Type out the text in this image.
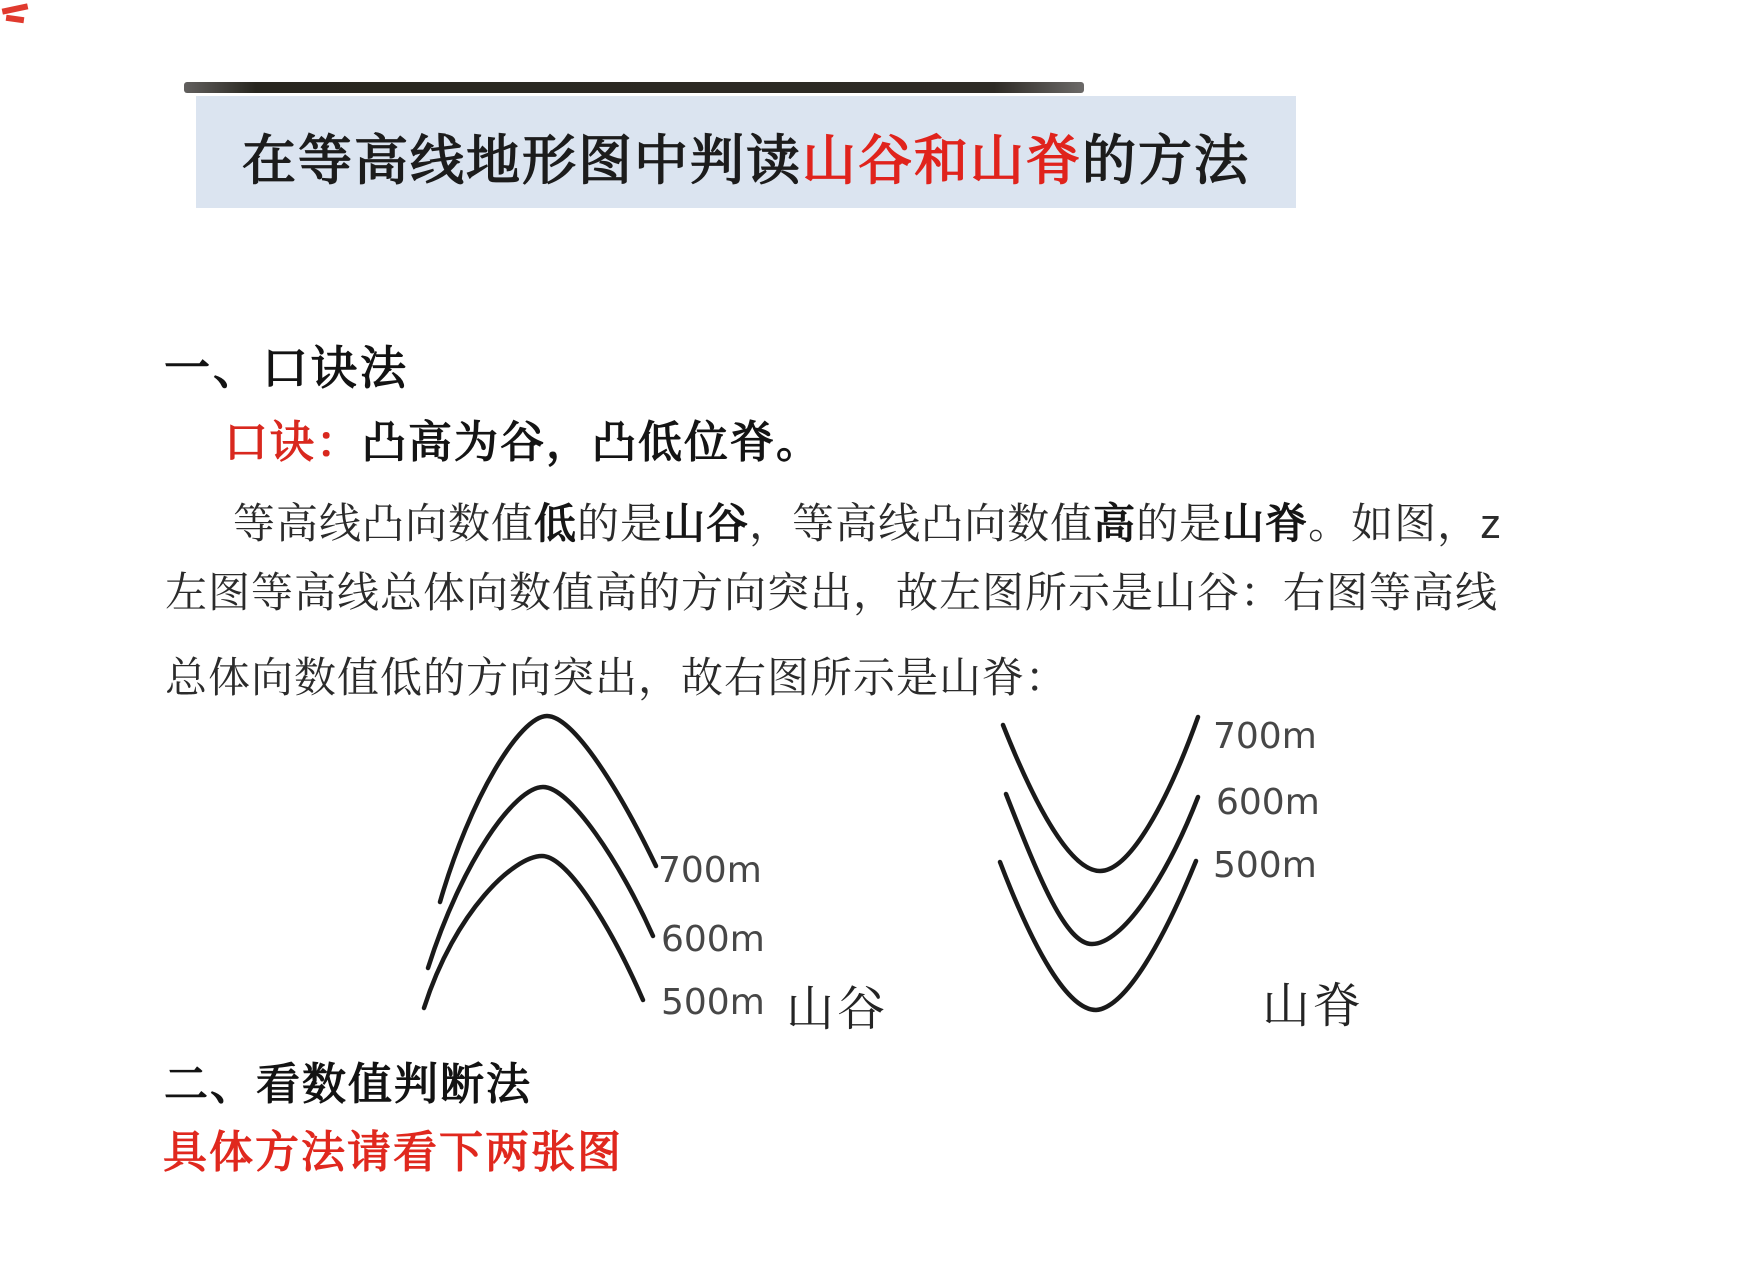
在等高线地形图中判读山谷和山脊的方法
一、口诀法
口诀：凸高为谷，凸低位脊。
等高线凸向数值低的是山谷，等高线凸向数值高的是山脊。如图，z
左图等高线总体向数值高的方向突出，故左图所示是山谷：右图等高线
总体向数值低的方向突出，故右图所示是山脊：
700m
600m
500m 山谷
700m
600m
500m
山脊
二、看数值判断法
具体方法请看下两张图
